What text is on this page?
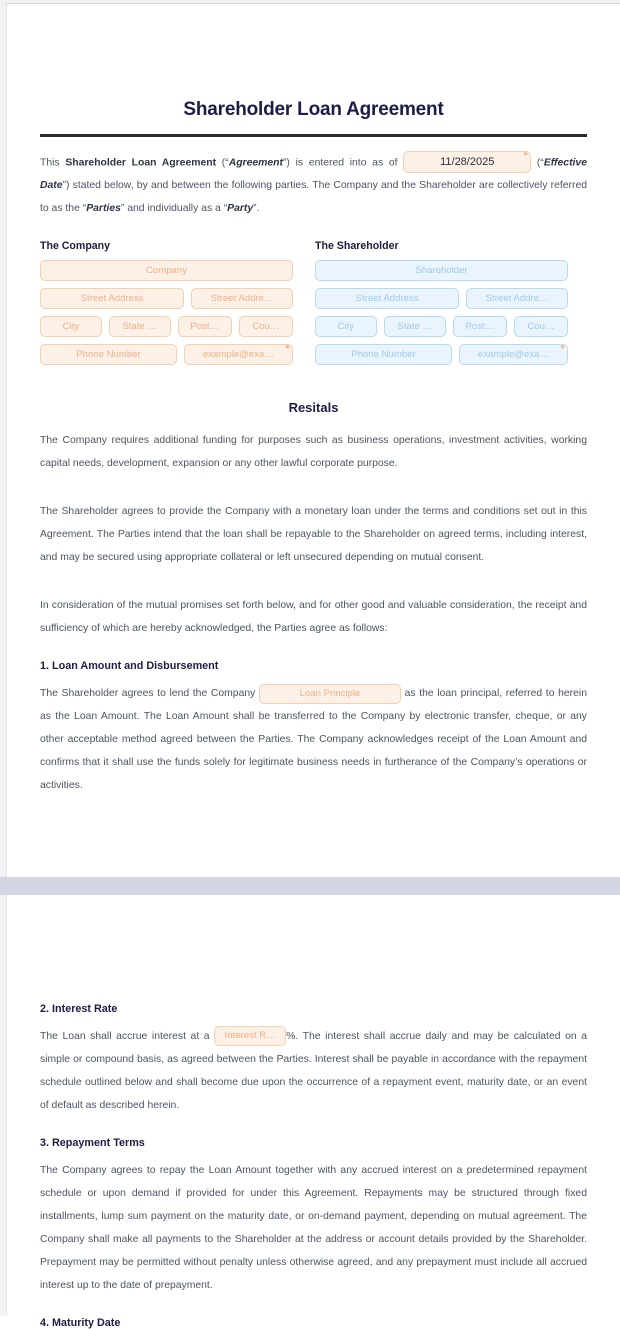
Shareholder Loan Agreement

This Shareholder Loan Agreement (“Agreement”) is entered into as of	11/28/2025 ✳	(“Effective Date”) stated below, by and between the following parties. The Company and the Shareholder are collectively referred to as the “Parties” and individually as a “Party”.

The Company
Company
Street Address	Street Addre…
City	State …	Post…	Cou…
Phone Number	example@exa… ✳
The Shareholder
Shareholder
Street Address	Street Addre…
City	State …	Post…	Cou…
Phone Number	example@exa… ✳
Resitals

The Company requires additional funding for purposes such as business operations, investment activities, working capital needs, development, expansion or any other lawful corporate purpose.

The Shareholder agrees to provide the Company with a monetary loan under the terms and conditions set out in this Agreement. The Parties intend that the loan shall be repayable to the Shareholder on agreed terms, including interest, and may be secured using appropriate collateral or left unsecured depending on mutual consent.

In consideration of the mutual promises set forth below, and for other good and valuable consideration, the receipt and sufficiency of which are hereby acknowledged, the Parties agree as follows:

1. Loan Amount and Disbursement

The Shareholder agrees to lend the Company	Loan Principle	as the loan principal, referred to herein as the Loan Amount. The Loan Amount shall be transferred to the Company by electronic transfer, cheque, or any other acceptable method agreed between the Parties. The Company acknowledges receipt of the Loan Amount and confirms that it shall use the funds solely for legitimate business needs in furtherance of the Company’s operations or activities.

2. Interest Rate

The Loan shall accrue interest at a Interest R… %. The interest shall accrue daily and may be calculated on a simple or compound basis, as agreed between the Parties. Interest shall be payable in accordance with the repayment schedule outlined below and shall become due upon the occurrence of a repayment event, maturity date, or an event of default as described herein.

3. Repayment Terms

The Company agrees to repay the Loan Amount together with any accrued interest on a predetermined repayment schedule or upon demand if provided for under this Agreement. Repayments may be structured through fixed installments, lump sum payment on the maturity date, or on-demand payment, depending on mutual agreement. The Company shall make all payments to the Shareholder at the address or account details provided by the Shareholder. Prepayment may be permitted without penalty unless otherwise agreed, and any prepayment must include all accrued interest up to the date of prepayment.

4. Maturity Date
